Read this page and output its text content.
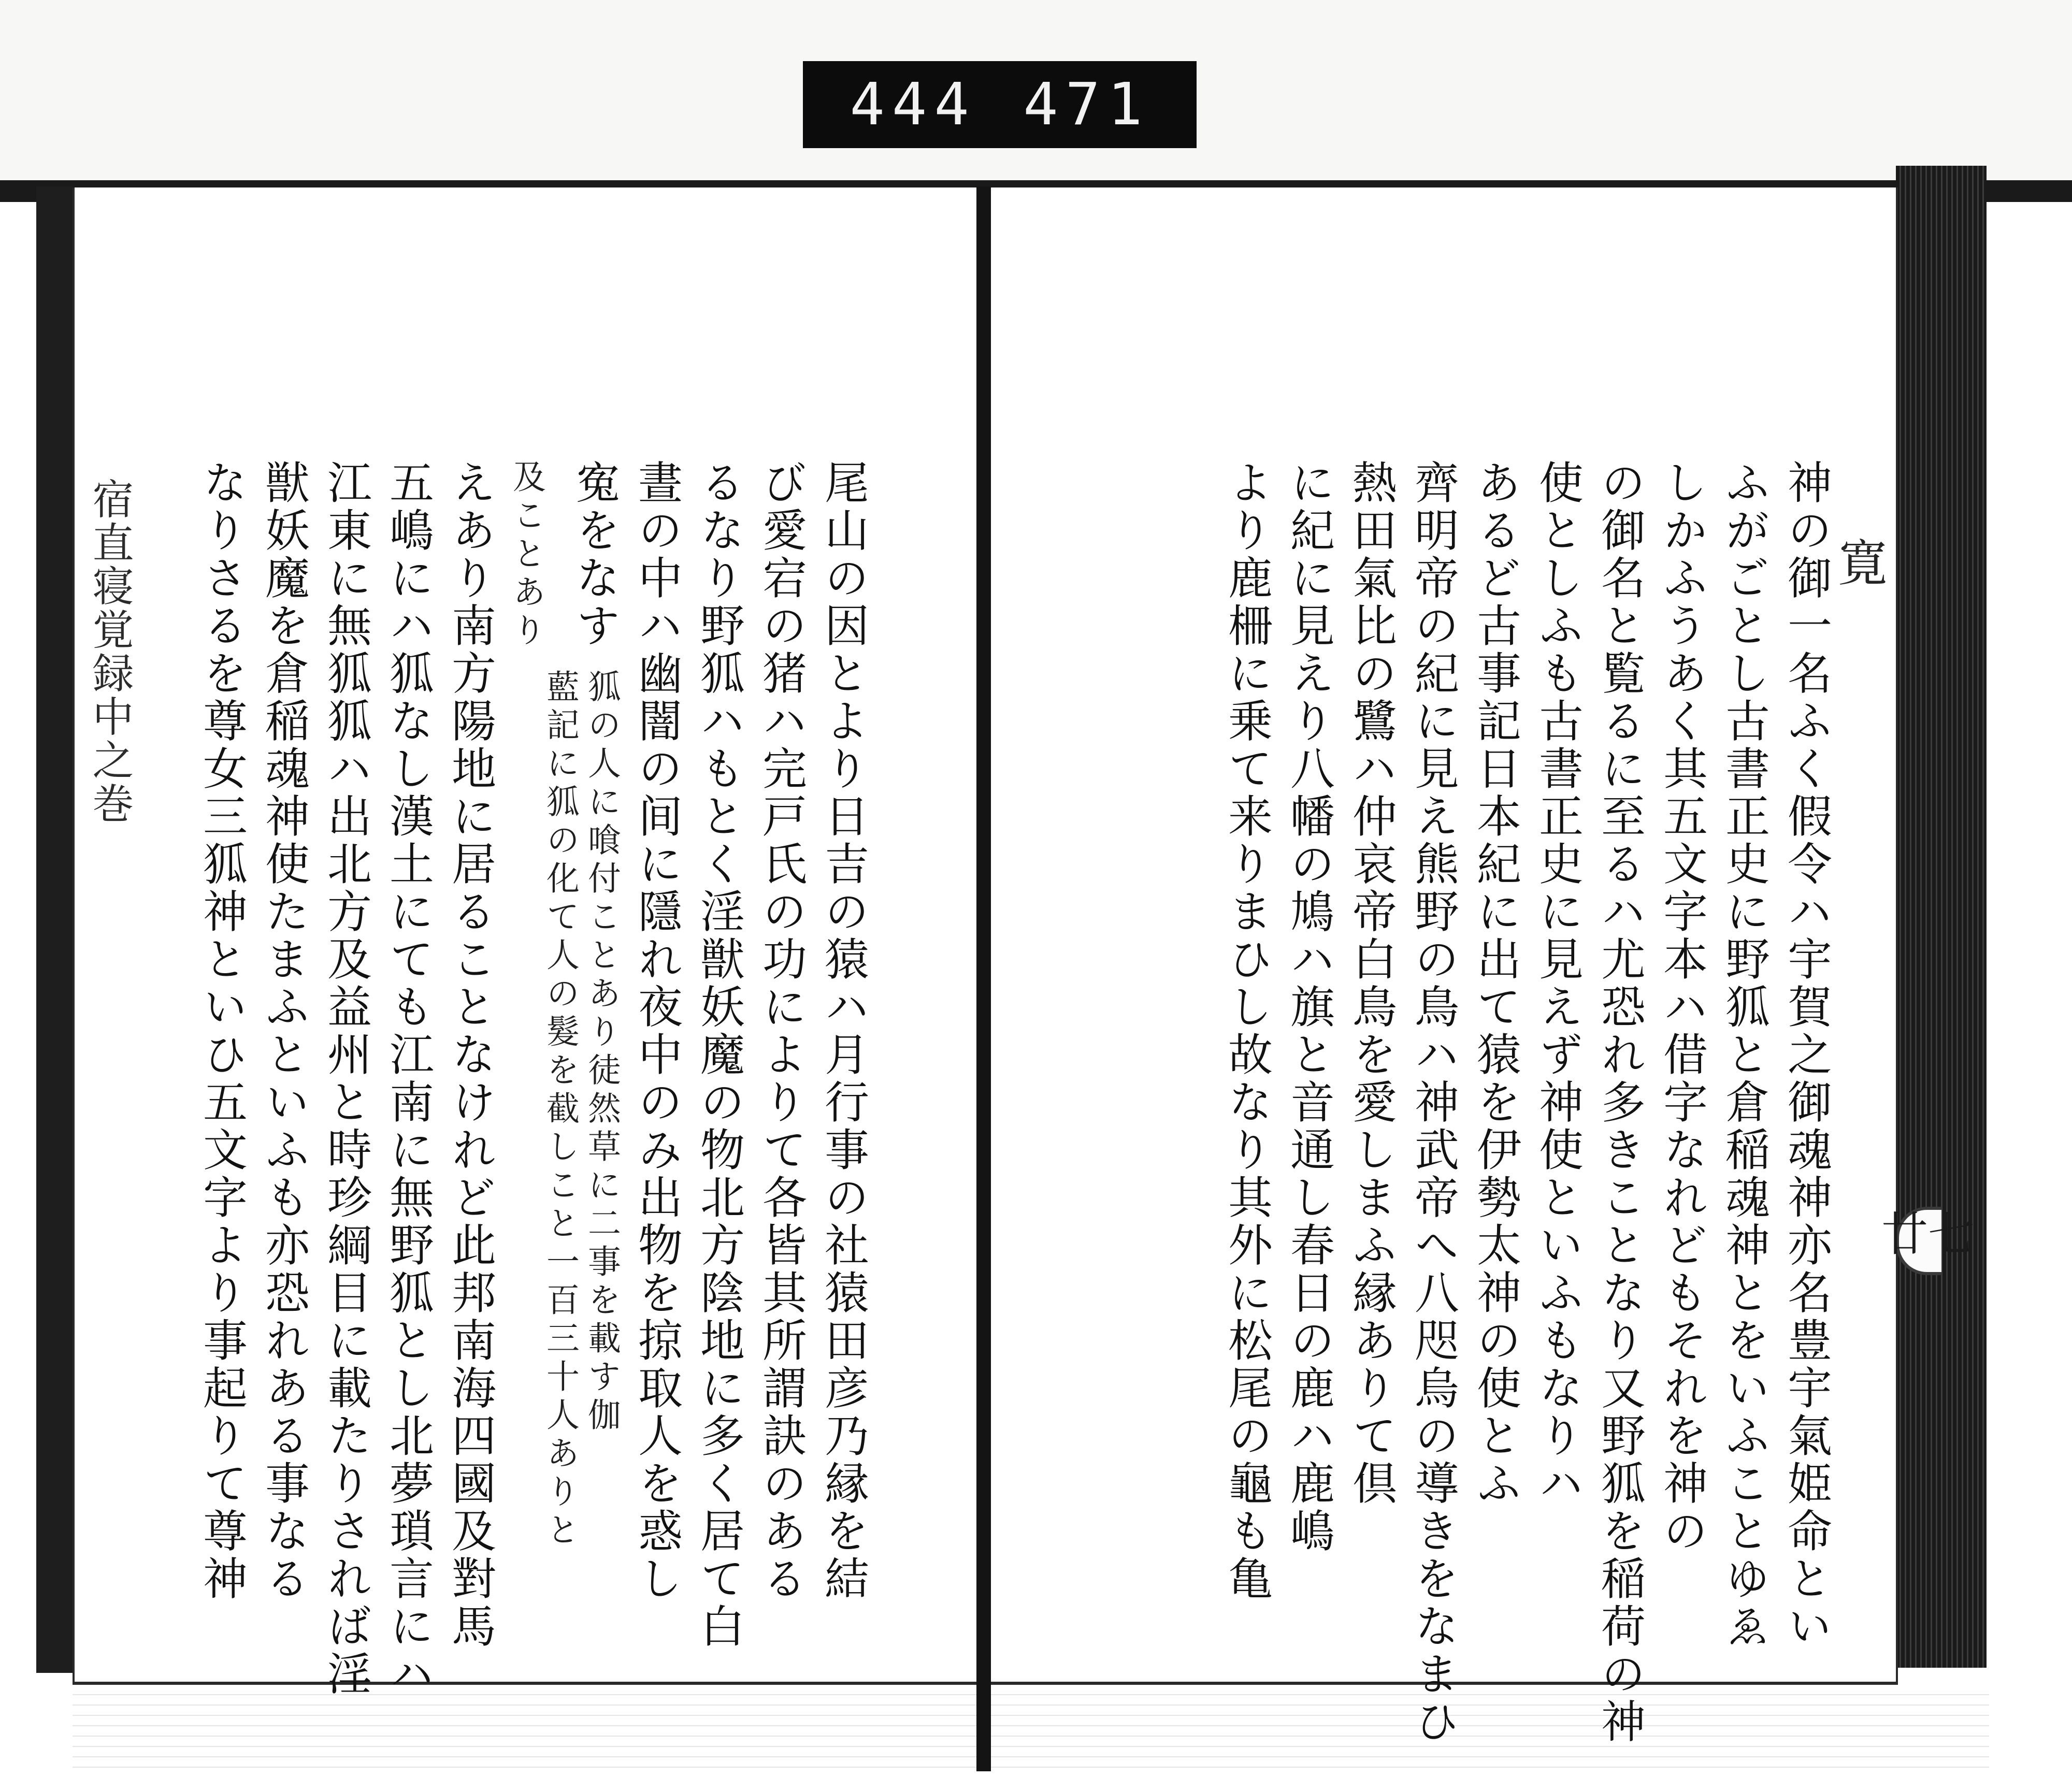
444 471
宿直寝覚録中之巻	尾山の因とより日吉の猿ハ月行事の社猿田彦乃縁を結
び愛宕の猪ハ完戸氏の功によりて各皆其所謂訣のある
るなり野狐ハもとく淫獣妖魔の物北方陰地に多く居て白
晝の中ハ幽闇の间に隱れ夜中のみ出物を掠取人を惑し
寃をなす
狐の人に喰付ことあり徒然草に二事を載す伽
藍記に狐の化て人の髮を截しこと一百三十人ありと
及ことあり
えあり南方陽地に居ることなけれど此邦南海四國及對馬
五嶋にハ狐なし漢土にても江南に無野狐とし北夢瑣言にハ
江東に無狐狐ハ出北方及益州と時珍綱目に載たりされば淫
獣妖魔を倉稲魂神使たまふといふも亦恐れある事なる
なりさるを尊女三狐神といひ五文字より事起りて尊神	寛
神の御一名ふく假令ハ宇賀之御魂神亦名豊宇氣姫命とい
ふがごとし古書正史に野狐と倉稲魂神とをいふことゆゑ
しかふうあく其五文字本ハ借字なれどもそれを神の
の御名と覧るに至るハ尤恐れ多きことなり又野狐を稲荷の神
使としふも古書正史に見えず神使といふもなりハ
あるど古事記日本紀に出て猿を伊勢太神の使とふ
齊明帝の紀に見え熊野の鳥ハ神武帝へ八咫烏の導きをなまひ
熱田氣比の鷺ハ仲哀帝白鳥を愛しまふ縁ありて倶
に紀に見えり八幡の鳩ハ旗と音通し春日の鹿ハ鹿嶋
より鹿柵に乗て来りまひし故なり其外に松尾の龜も亀	廿七
